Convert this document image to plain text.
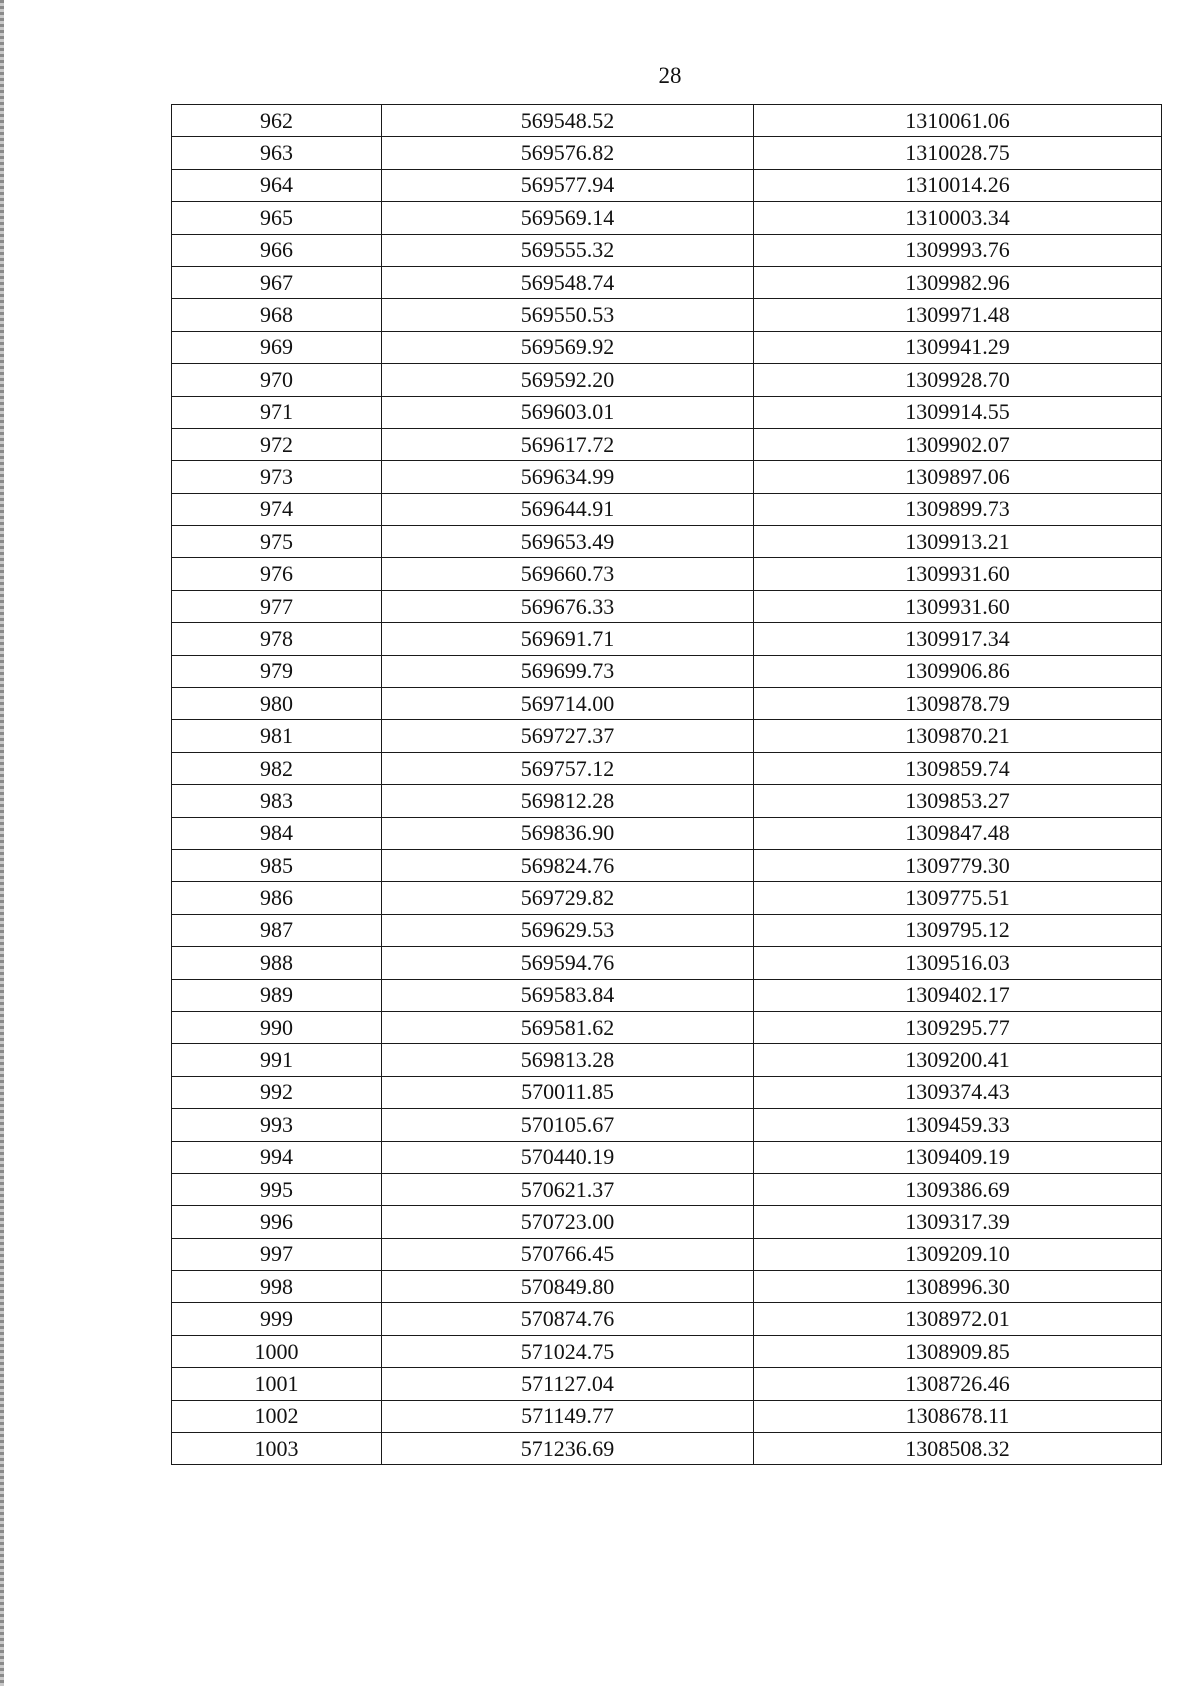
28
962	569548.52	1310061.06
963	569576.82	1310028.75
964	569577.94	1310014.26
965	569569.14	1310003.34
966	569555.32	1309993.76
967	569548.74	1309982.96
968	569550.53	1309971.48
969	569569.92	1309941.29
970	569592.20	1309928.70
971	569603.01	1309914.55
972	569617.72	1309902.07
973	569634.99	1309897.06
974	569644.91	1309899.73
975	569653.49	1309913.21
976	569660.73	1309931.60
977	569676.33	1309931.60
978	569691.71	1309917.34
979	569699.73	1309906.86
980	569714.00	1309878.79
981	569727.37	1309870.21
982	569757.12	1309859.74
983	569812.28	1309853.27
984	569836.90	1309847.48
985	569824.76	1309779.30
986	569729.82	1309775.51
987	569629.53	1309795.12
988	569594.76	1309516.03
989	569583.84	1309402.17
990	569581.62	1309295.77
991	569813.28	1309200.41
992	570011.85	1309374.43
993	570105.67	1309459.33
994	570440.19	1309409.19
995	570621.37	1309386.69
996	570723.00	1309317.39
997	570766.45	1309209.10
998	570849.80	1308996.30
999	570874.76	1308972.01
1000	571024.75	1308909.85
1001	571127.04	1308726.46
1002	571149.77	1308678.11
1003	571236.69	1308508.32
